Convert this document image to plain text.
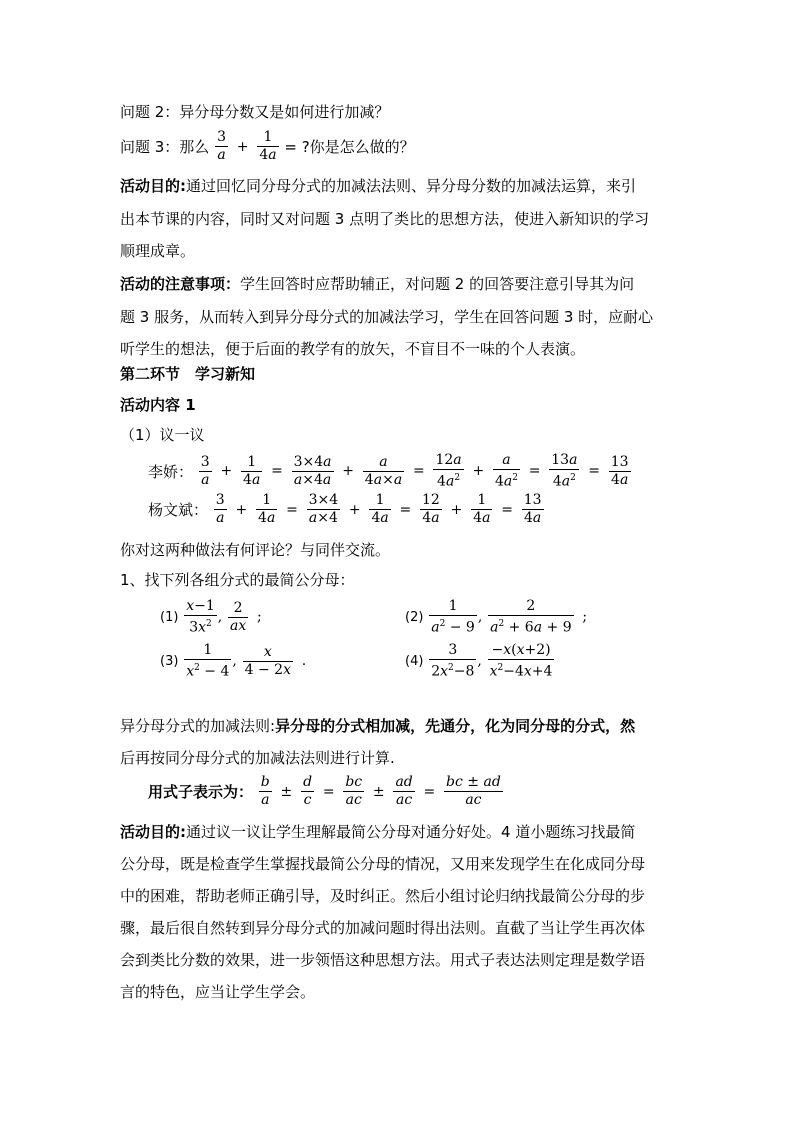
问题 2：异分母分数又是如何进行加减？
问题 3：那么 $\frac{3}{a} + \frac{1}{4a}$ = ?你是怎么做的？
活动目的:通过回忆同分母分式的加减法法则、异分母分数的加减法运算，来引
出本节课的内容，同时又对问题 3 点明了类比的思想方法，使进入新知识的学习
顺理成章。
活动的注意事项：学生回答时应帮助辅正，对问题 2 的回答要注意引导其为问
题 3 服务，从而转入到异分母分式的加减法学习，学生在回答问题 3 时，应耐心
听学生的想法，便于后面的教学有的放矢，不盲目不一味的个人表演。
第二环节　学习新知
活动内容 1
（1）议一议
李娇： $\frac{3}{a} + \frac{1}{4a} = \frac{3\times 4a}{a\times 4a} + \frac{a}{4a\times a} = \frac{12a}{4a^2} + \frac{a}{4a^2} = \frac{13a}{4a^2} = \frac{13}{4a}$
杨文斌： $\frac{3}{a} + \frac{1}{4a} = \frac{3\times 4}{a\times 4} + \frac{1}{4a} = \frac{12}{4a} + \frac{1}{4a} = \frac{13}{4a}$
你对这两种做法有何评论？与同伴交流。
1、找下列各组分式的最简公分母：
$(1) \frac{x-1}{3x^2}$ , $\frac{2}{ax}$ ;	$(2) \frac{1}{a^2 - 9}$ , $\frac{2}{a^2 + 6a + 9}$ ;
$(3) \frac{1}{x^2 - 4}$ , $\frac{x}{4 - 2x}$ .	$(4) \frac{3}{2x^2-8}$ , $\frac{-x(x+2)}{x^2-4x+4}$
异分母分式的加减法则:异分母的分式相加减，先通分，化为同分母的分式，然
后再按同分母分式的加减法法则进行计算.
用式子表示为： $\frac{b}{a} \pm \frac{d}{c} = \frac{bc}{ac} \pm \frac{ad}{ac} = \frac{bc \pm ad}{ac}$
活动目的:通过议一议让学生理解最简公分母对通分好处。4 道小题练习找最简
公分母，既是检查学生掌握找最简公分母的情况，又用来发现学生在化成同分母
中的困难，帮助老师正确引导，及时纠正。然后小组讨论归纳找最简公分母的步
骤，最后很自然转到异分母分式的加减问题时得出法则。直截了当让学生再次体
会到类比分数的效果，进一步领悟这种思想方法。用式子表达法则定理是数学语
言的特色，应当让学生学会。
